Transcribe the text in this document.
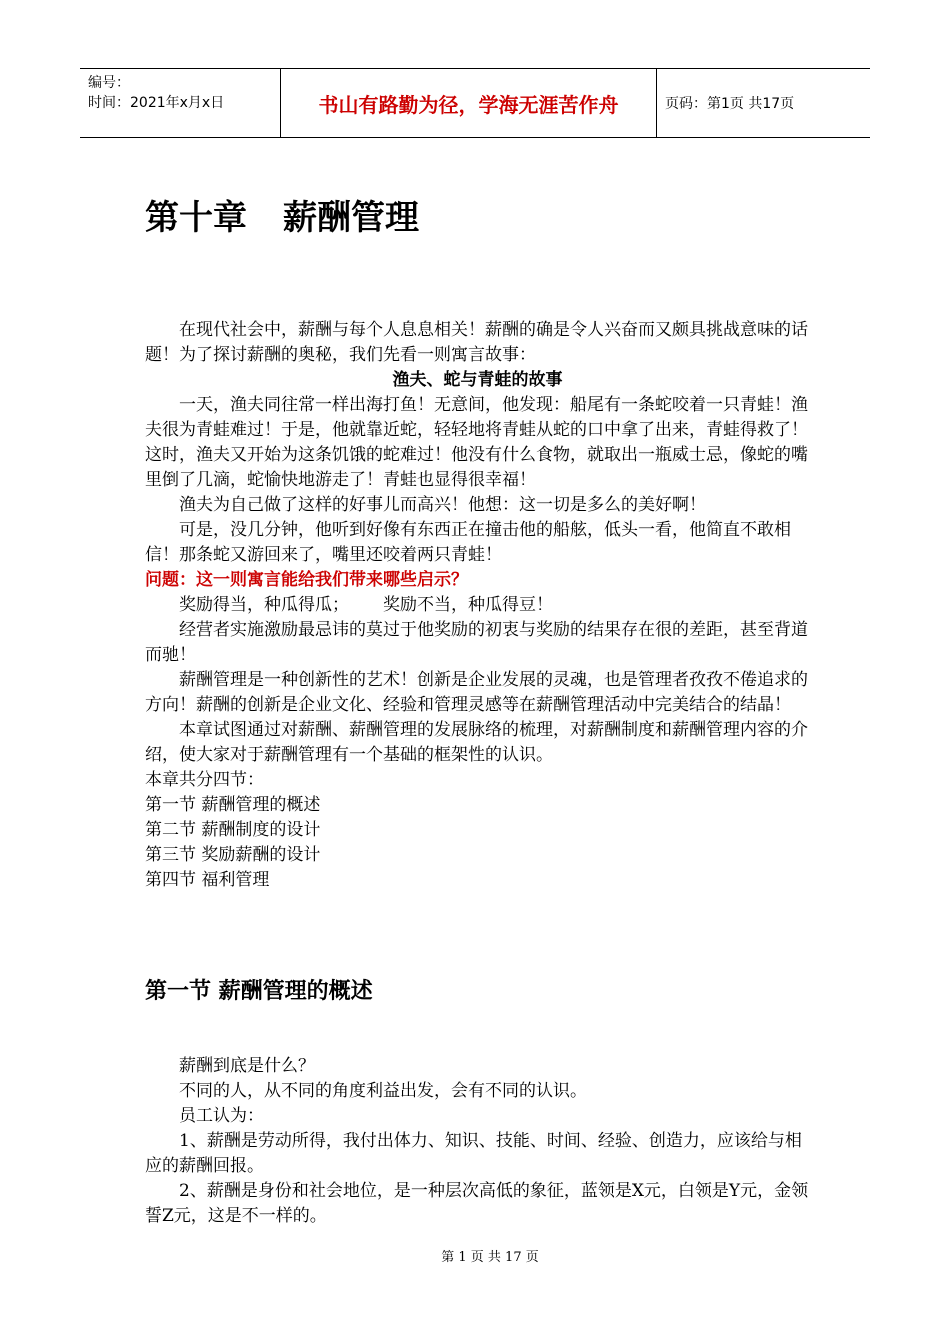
编号：
时间：2021年x月x日	书山有路勤为径，学海无涯苦作舟	页码：第1页 共17页
第十章 薪酬管理

在现代社会中，薪酬与每个人息息相关！薪酬的确是令人兴奋而又颇具挑战意味的话题！为了探讨薪酬的奥秘，我们先看一则寓言故事：

渔夫、蛇与青蛙的故事

一天，渔夫同往常一样出海打鱼！无意间，他发现：船尾有一条蛇咬着一只青蛙！渔夫很为青蛙难过！于是，他就靠近蛇，轻轻地将青蛙从蛇的口中拿了出来，青蛙得救了！这时，渔夫又开始为这条饥饿的蛇难过！他没有什么食物，就取出一瓶威士忌，像蛇的嘴里倒了几滴，蛇愉快地游走了！青蛙也显得很幸福！

渔夫为自己做了这样的好事儿而高兴！他想：这一切是多么的美好啊！

可是，没几分钟，他听到好像有东西正在撞击他的船舷，低头一看，他简直不敢相信！那条蛇又游回来了，嘴里还咬着两只青蛙！

问题：这一则寓言能给我们带来哪些启示？

奖励得当，种瓜得瓜； 奖励不当，种瓜得豆！

经营者实施激励最忌讳的莫过于他奖励的初衷与奖励的结果存在很的差距，甚至背道而驰！

薪酬管理是一种创新性的艺术！创新是企业发展的灵魂，也是管理者孜孜不倦追求的方向！薪酬的创新是企业文化、经验和管理灵感等在薪酬管理活动中完美结合的结晶！

本章试图通过对薪酬、薪酬管理的发展脉络的梳理，对薪酬制度和薪酬管理内容的介绍，使大家对于薪酬管理有一个基础的框架性的认识。

本章共分四节：

第一节 薪酬管理的概述

第二节 薪酬制度的设计

第三节 奖励薪酬的设计

第四节 福利管理

第一节 薪酬管理的概述

薪酬到底是什么？

不同的人，从不同的角度利益出发，会有不同的认识。

员工认为：

1、薪酬是劳动所得，我付出体力、知识、技能、时间、经验、创造力，应该给与相应的薪酬回报。

2、薪酬是身份和社会地位，是一种层次高低的象征，蓝领是X元，白领是Y元，金领誓Z元，这是不一样的。

第 1 页 共 17 页
